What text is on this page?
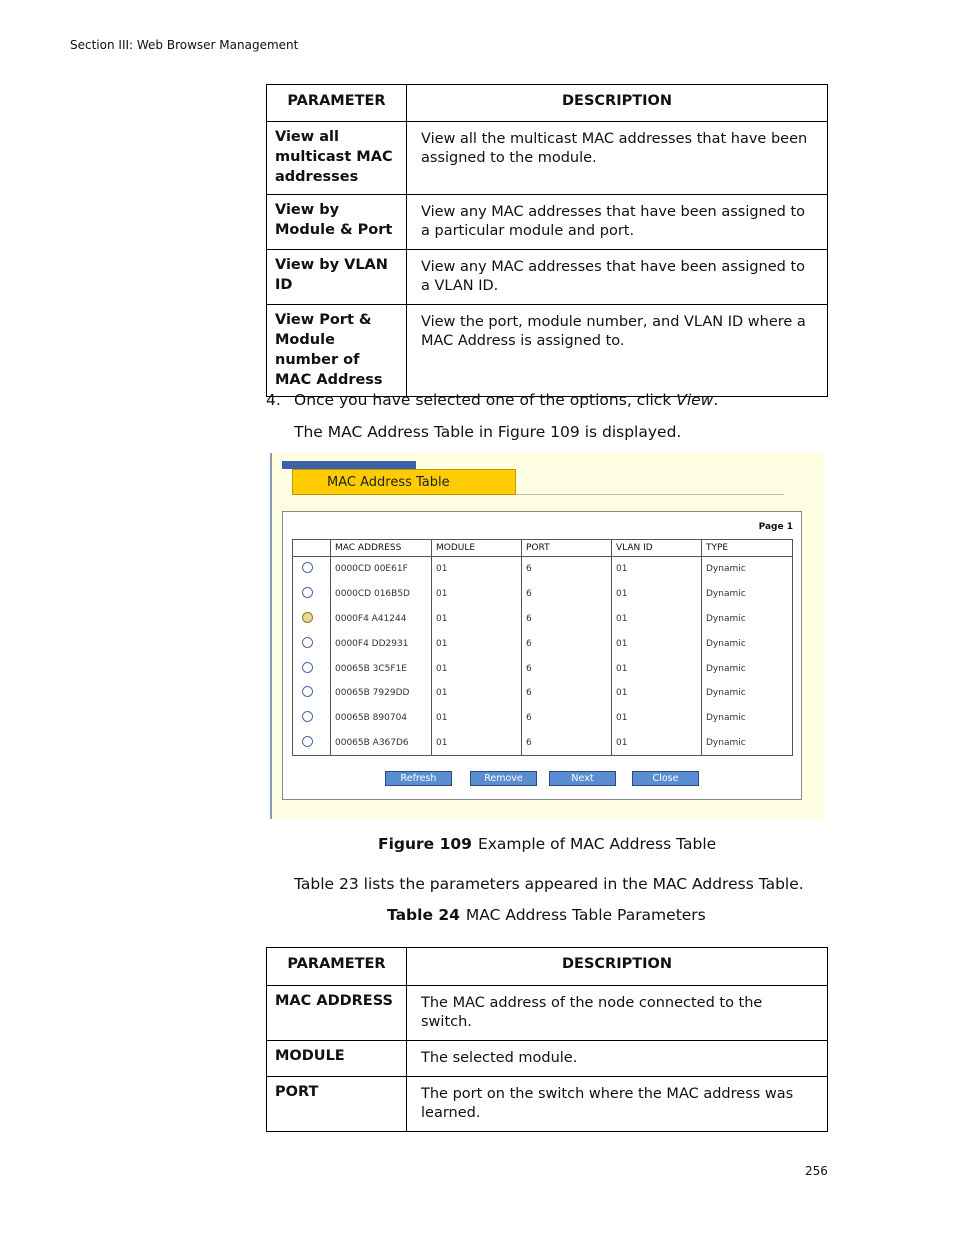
Section III: Web Browser Management
PARAMETER	DESCRIPTION
View all multicast MAC addresses	View all the multicast MAC addresses that have been assigned to the module.
View by Module & Port	View any MAC addresses that have been assigned to a particular module and port.
View by VLAN ID	View any MAC addresses that have been assigned to a VLAN ID.
View Port & Module number of MAC Address	View the port, module number, and VLAN ID where a MAC Address is assigned to.
4. Once you have selected one of the options, click View.
The MAC Address Table in Figure 109 is displayed.
MAC Address Table
Page 1
	MAC ADDRESS	MODULE	PORT	VLAN ID	TYPE
	0000CD 00E61F	01	6	01	Dynamic
	0000CD 016B5D	01	6	01	Dynamic
	0000F4 A41244	01	6	01	Dynamic
	0000F4 DD2931	01	6	01	Dynamic
	00065B 3C5F1E	01	6	01	Dynamic
	00065B 7929DD	01	6	01	Dynamic
	00065B 890704	01	6	01	Dynamic
	00065B A367D6	01	6	01	Dynamic
Refresh	Remove	Next	Close
Figure 109 Example of MAC Address Table
Table 23 lists the parameters appeared in the MAC Address Table.
Table 24 MAC Address Table Parameters
PARAMETER	DESCRIPTION
MAC ADDRESS	The MAC address of the node connected to the switch.
MODULE	The selected module.
PORT	The port on the switch where the MAC address was learned.
256
